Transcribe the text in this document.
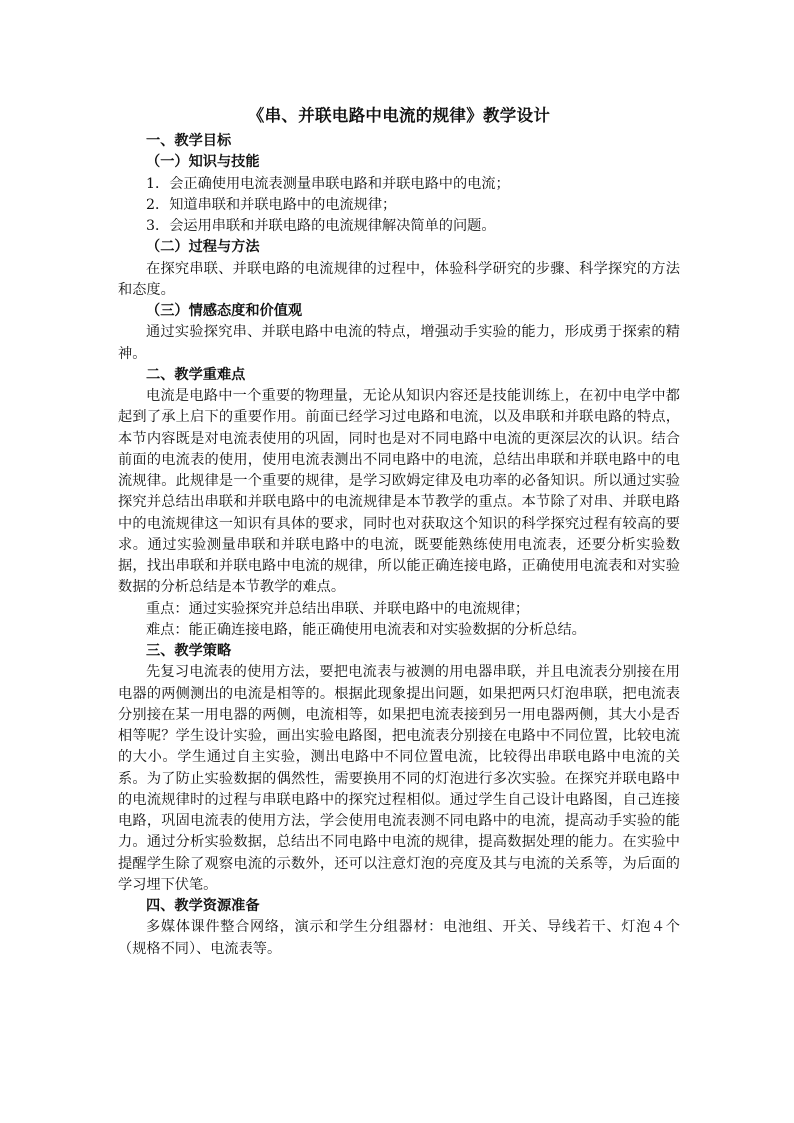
《串、并联电路中电流的规律》教学设计
一、教学目标
（一）知识与技能
1．会正确使用电流表测量串联电路和并联电路中的电流；
2．知道串联和并联电路中的电流规律；
3．会运用串联和并联电路的电流规律解决简单的问题。
（二）过程与方法
在探究串联、并联电路的电流规律的过程中，体验科学研究的步骤、科学探究的方法和态度。
（三）情感态度和价值观
通过实验探究串、并联电路中电流的特点，增强动手实验的能力，形成勇于探索的精神。
二、教学重难点
电流是电路中一个重要的物理量，无论从知识内容还是技能训练上，在初中电学中都起到了承上启下的重要作用。前面已经学习过电路和电流，以及串联和并联电路的特点，本节内容既是对电流表使用的巩固，同时也是对不同电路中电流的更深层次的认识。结合前面的电流表的使用，使用电流表测出不同电路中的电流，总结出串联和并联电路中的电流规律。此规律是一个重要的规律，是学习欧姆定律及电功率的必备知识。所以通过实验探究并总结出串联和并联电路中的电流规律是本节教学的重点。本节除了对串、并联电路中的电流规律这一知识有具体的要求，同时也对获取这个知识的科学探究过程有较高的要求。通过实验测量串联和并联电路中的电流，既要能熟练使用电流表，还要分析实验数据，找出串联和并联电路中电流的规律，所以能正确连接电路，正确使用电流表和对实验数据的分析总结是本节教学的难点。
重点：通过实验探究并总结出串联、并联电路中的电流规律；
难点：能正确连接电路，能正确使用电流表和对实验数据的分析总结。
三、教学策略
先复习电流表的使用方法，要把电流表与被测的用电器串联，并且电流表分别接在用电器的两侧测出的电流是相等的。根据此现象提出问题，如果把两只灯泡串联，把电流表分别接在某一用电器的两侧，电流相等，如果把电流表接到另一用电器两侧，其大小是否相等呢？学生设计实验，画出实验电路图，把电流表分别接在电路中不同位置，比较电流的大小。学生通过自主实验，测出电路中不同位置电流，比较得出串联电路中电流的关系。为了防止实验数据的偶然性，需要换用不同的灯泡进行多次实验。在探究并联电路中的电流规律时的过程与串联电路中的探究过程相似。通过学生自己设计电路图，自己连接电路，巩固电流表的使用方法，学会使用电流表测不同电路中的电流，提高动手实验的能力。通过分析实验数据，总结出不同电路中电流的规律，提高数据处理的能力。在实验中提醒学生除了观察电流的示数外，还可以注意灯泡的亮度及其与电流的关系等，为后面的学习埋下伏笔。
四、教学资源准备
多媒体课件整合网络，演示和学生分组器材：电池组、开关、导线若干、灯泡４个（规格不同）、电流表等。
